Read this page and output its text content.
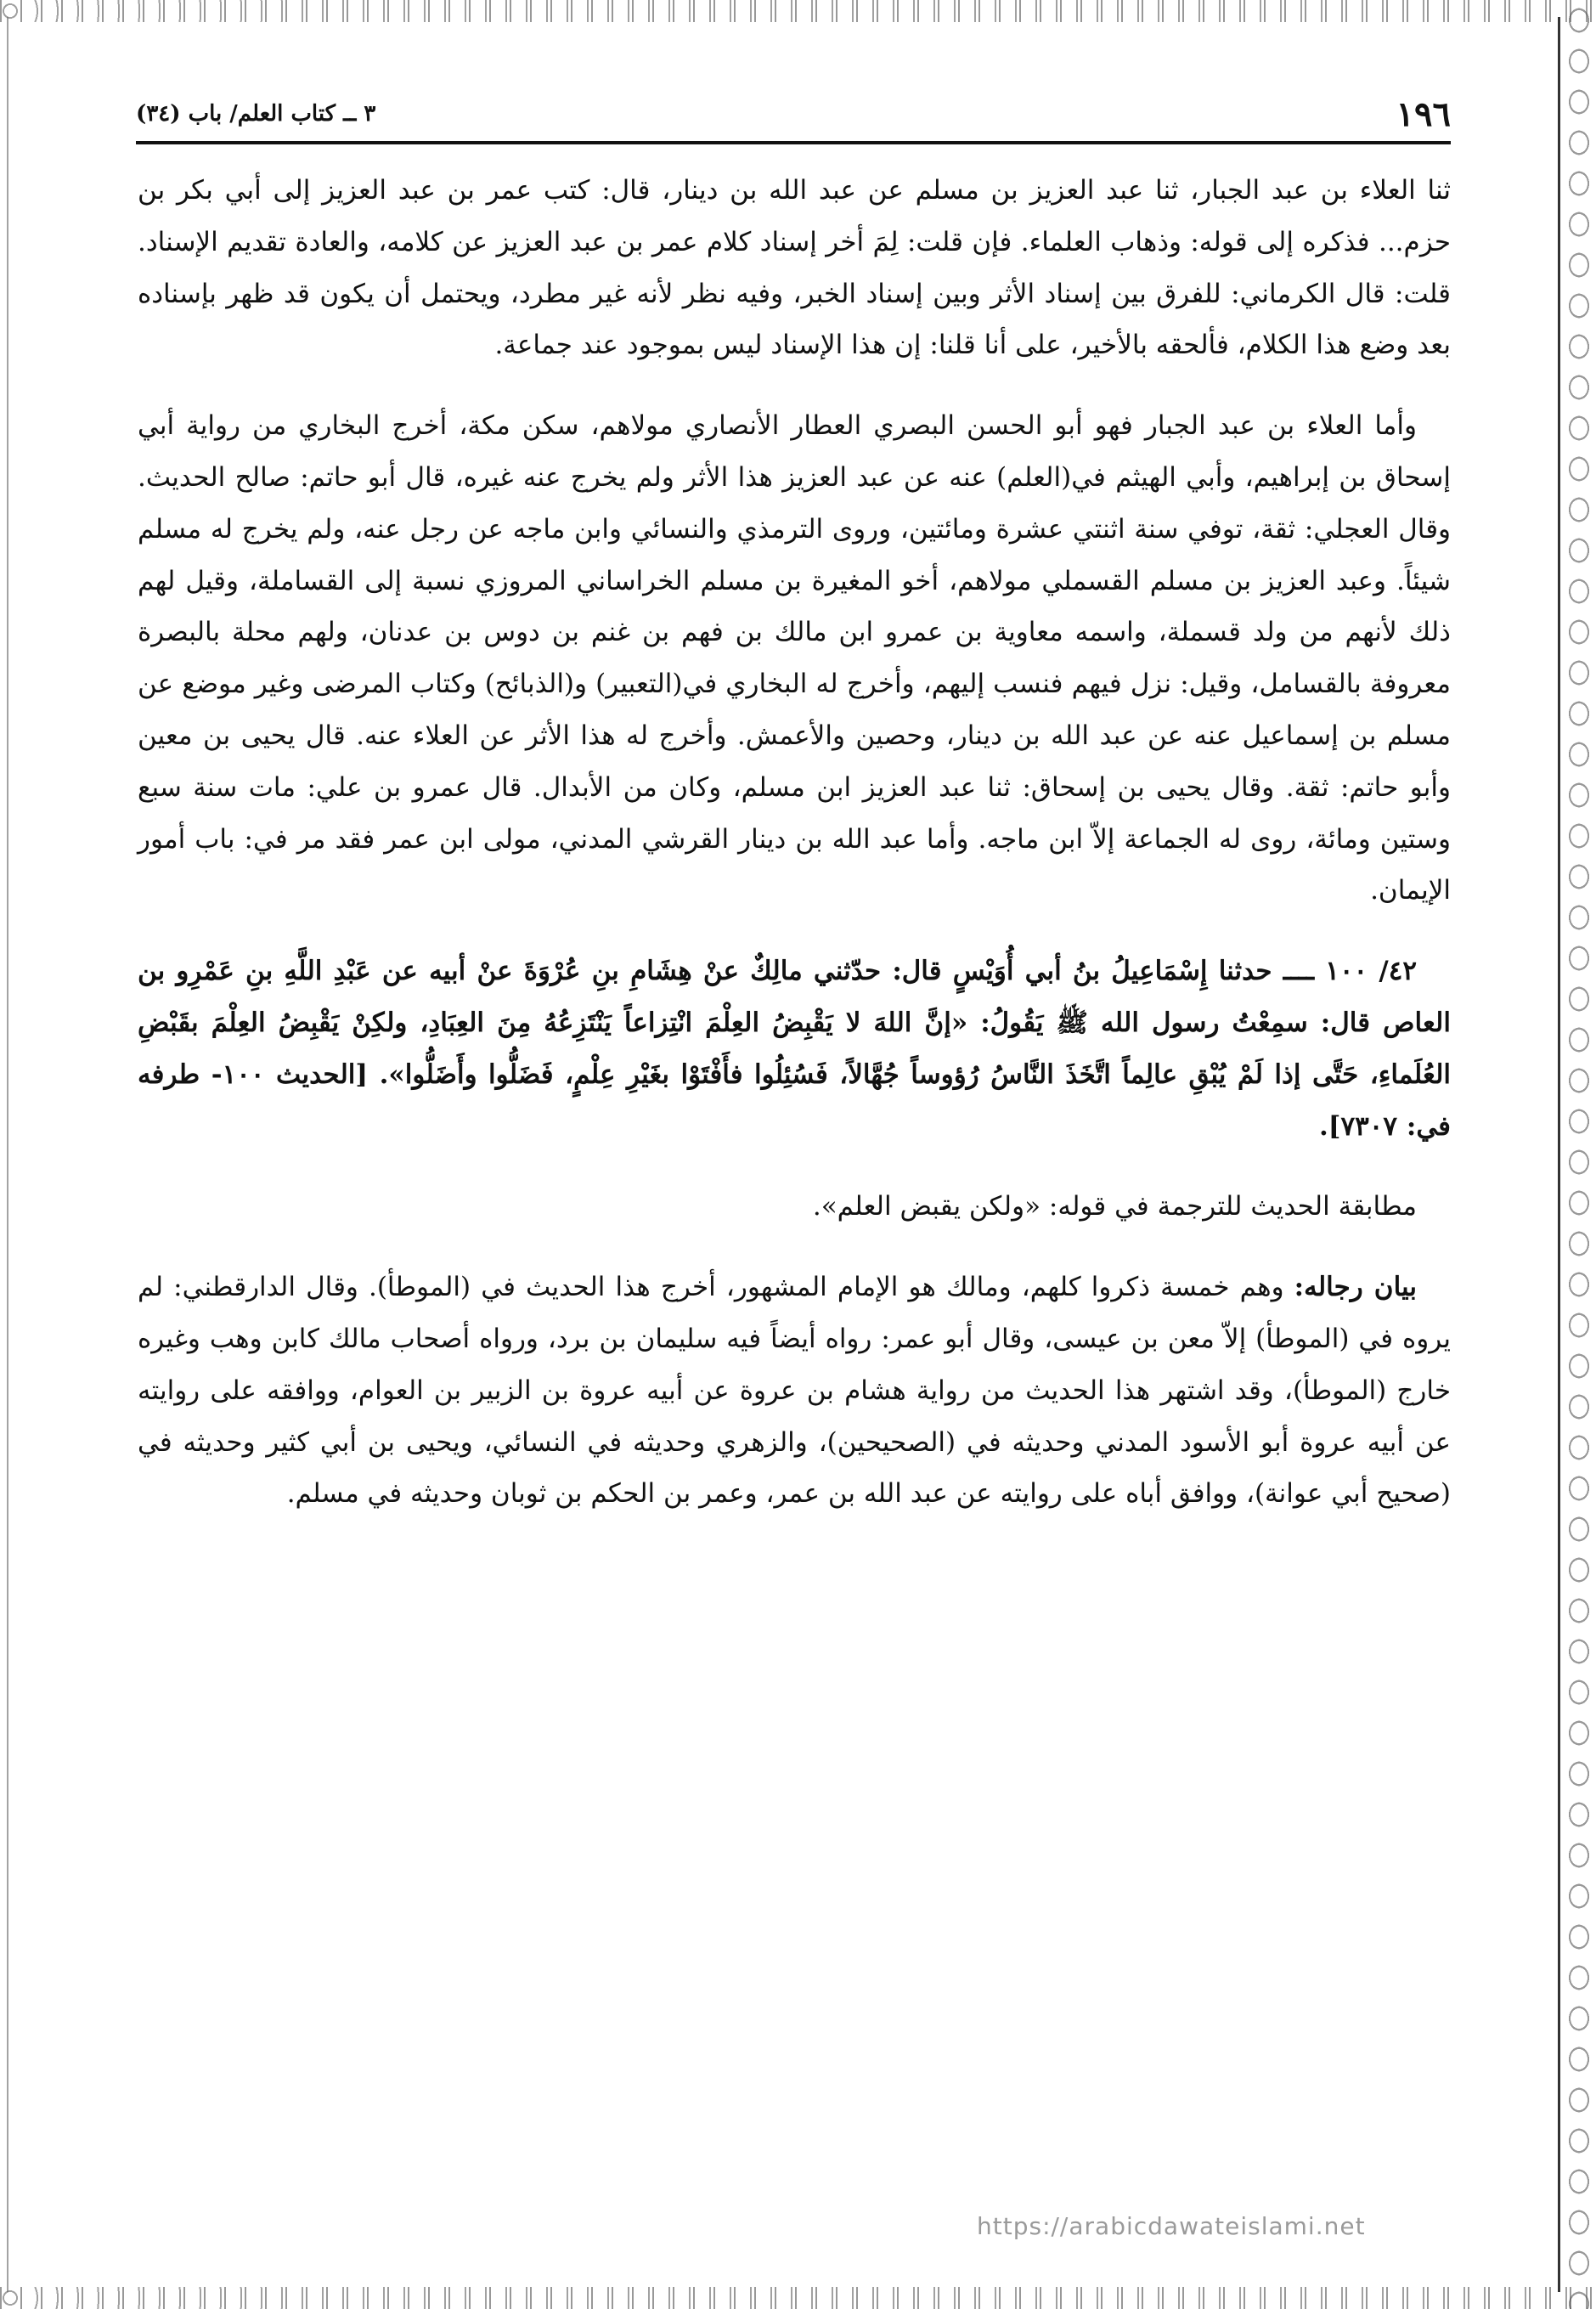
١٩٦
٣ ــ كتاب العلم/ باب (٣٤)

ثنا العلاء بن عبد الجبار، ثنا عبد العزيز بن مسلم عن عبد الله بن دينار، قال: كتب عمر بن عبد العزيز إلى أبي بكر بن حزم... فذكره إلى قوله: وذهاب العلماء. فإن قلت: لِمَ أخر إسناد كلام عمر بن عبد العزيز عن كلامه، والعادة تقديم الإسناد. قلت: قال الكرماني: للفرق بين إسناد الأثر وبين إسناد الخبر، وفيه نظر لأنه غير مطرد، ويحتمل أن يكون قد ظهر بإسناده بعد وضع هذا الكلام، فألحقه بالأخير، على أنا قلنا: إن هذا الإسناد ليس بموجود عند جماعة.

وأما العلاء بن عبد الجبار فهو أبو الحسن البصري العطار الأنصاري مولاهم، سكن مكة، أخرج البخاري من رواية أبي إسحاق بن إبراهيم، وأبي الهيثم في(العلم) عنه عن عبد العزيز هذا الأثر ولم يخرج عنه غيره، قال أبو حاتم: صالح الحديث. وقال العجلي: ثقة، توفي سنة اثنتي عشرة ومائتين، وروى الترمذي والنسائي وابن ماجه عن رجل عنه، ولم يخرج له مسلم شيئاً. وعبد العزيز بن مسلم القسملي مولاهم، أخو المغيرة بن مسلم الخراساني المروزي نسبة إلى القساملة، وقيل لهم ذلك لأنهم من ولد قسملة، واسمه معاوية بن عمرو ابن مالك بن فهم بن غنم بن دوس بن عدنان، ولهم محلة بالبصرة معروفة بالقسامل، وقيل: نزل فيهم فنسب إليهم، وأخرج له البخاري في(التعبير) و(الذبائح) وكتاب المرضى وغير موضع عن مسلم بن إسماعيل عنه عن عبد الله بن دينار، وحصين والأعمش. وأخرج له هذا الأثر عن العلاء عنه. قال يحيى بن معين وأبو حاتم: ثقة. وقال يحيى بن إسحاق: ثنا عبد العزيز ابن مسلم، وكان من الأبدال. قال عمرو بن علي: مات سنة سبع وستين ومائة، روى له الجماعة إلاّ ابن ماجه. وأما عبد الله بن دينار القرشي المدني، مولى ابن عمر فقد مر في: باب أمور الإيمان.

٤٢/ ١٠٠ ــــ حدثنا إِسْمَاعِيلُ بنُ أبي أُوَيْسٍ قال: حدّثني مالِكٌ عنْ هِشَامِ بنِ عُرْوَةَ عنْ أبيه عن عَبْدِ اللَّهِ بنِ عَمْرِو بن العاص قال: سمِعْتُ رسول الله ﷺ يَقُولُ: «إنَّ اللهَ لا يَقْبِضُ العِلْمَ انْتِزاعاً يَنْتَزِعُهُ مِنَ العِبَادِ، ولكِنْ يَقْبِضُ العِلْمَ بقَبْضِ العُلَماءِ، حَتَّى إذا لَمْ يُبْقِ عالِماً اتَّخَذَ النَّاسُ رُؤوساً جُهَّالاً، فَسُئِلُوا فأَفْتَوْا بغَيْرِ عِلْمٍ، فَضَلُّوا وأَضَلُّوا». [الحديث ١٠٠- طرفه في: ٧٣٠٧].

مطابقة الحديث للترجمة في قوله: «ولكن يقبض العلم».

بيان رجاله: وهم خمسة ذكروا كلهم، ومالك هو الإمام المشهور، أخرج هذا الحديث في (الموطأ). وقال الدارقطني: لم يروه في (الموطأ) إلاّ معن بن عيسى، وقال أبو عمر: رواه أيضاً فيه سليمان بن برد، ورواه أصحاب مالك كابن وهب وغيره خارج (الموطأ)، وقد اشتهر هذا الحديث من رواية هشام بن عروة عن أبيه عروة بن الزبير بن العوام، ووافقه على روايته عن أبيه عروة أبو الأسود المدني وحديثه في (الصحيحين)، والزهري وحديثه في النسائي، ويحيى بن أبي كثير وحديثه في (صحيح أبي عوانة)، ووافق أباه على روايته عن عبد الله بن عمر، وعمر بن الحكم بن ثوبان وحديثه في مسلم.

https://arabicdawateislami.net
